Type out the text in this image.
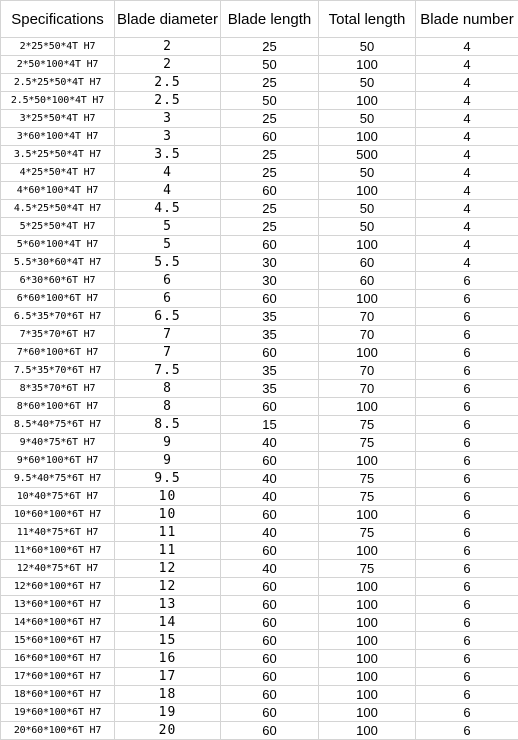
Specifications	Blade diameter	Blade length	Total length	Blade number
2*25*50*4T H7	2	25	50	4
2*50*100*4T H7	2	50	100	4
2.5*25*50*4T H7	2.5	25	50	4
2.5*50*100*4T H7	2.5	50	100	4
3*25*50*4T H7	3	25	50	4
3*60*100*4T H7	3	60	100	4
3.5*25*50*4T H7	3.5	25	500	4
4*25*50*4T H7	4	25	50	4
4*60*100*4T H7	4	60	100	4
4.5*25*50*4T H7	4.5	25	50	4
5*25*50*4T H7	5	25	50	4
5*60*100*4T H7	5	60	100	4
5.5*30*60*4T H7	5.5	30	60	4
6*30*60*6T H7	6	30	60	6
6*60*100*6T H7	6	60	100	6
6.5*35*70*6T H7	6.5	35	70	6
7*35*70*6T H7	7	35	70	6
7*60*100*6T H7	7	60	100	6
7.5*35*70*6T H7	7.5	35	70	6
8*35*70*6T H7	8	35	70	6
8*60*100*6T H7	8	60	100	6
8.5*40*75*6T H7	8.5	15	75	6
9*40*75*6T H7	9	40	75	6
9*60*100*6T H7	9	60	100	6
9.5*40*75*6T H7	9.5	40	75	6
10*40*75*6T H7	10	40	75	6
10*60*100*6T H7	10	60	100	6
11*40*75*6T H7	11	40	75	6
11*60*100*6T H7	11	60	100	6
12*40*75*6T H7	12	40	75	6
12*60*100*6T H7	12	60	100	6
13*60*100*6T H7	13	60	100	6
14*60*100*6T H7	14	60	100	6
15*60*100*6T H7	15	60	100	6
16*60*100*6T H7	16	60	100	6
17*60*100*6T H7	17	60	100	6
18*60*100*6T H7	18	60	100	6
19*60*100*6T H7	19	60	100	6
20*60*100*6T H7	20	60	100	6
